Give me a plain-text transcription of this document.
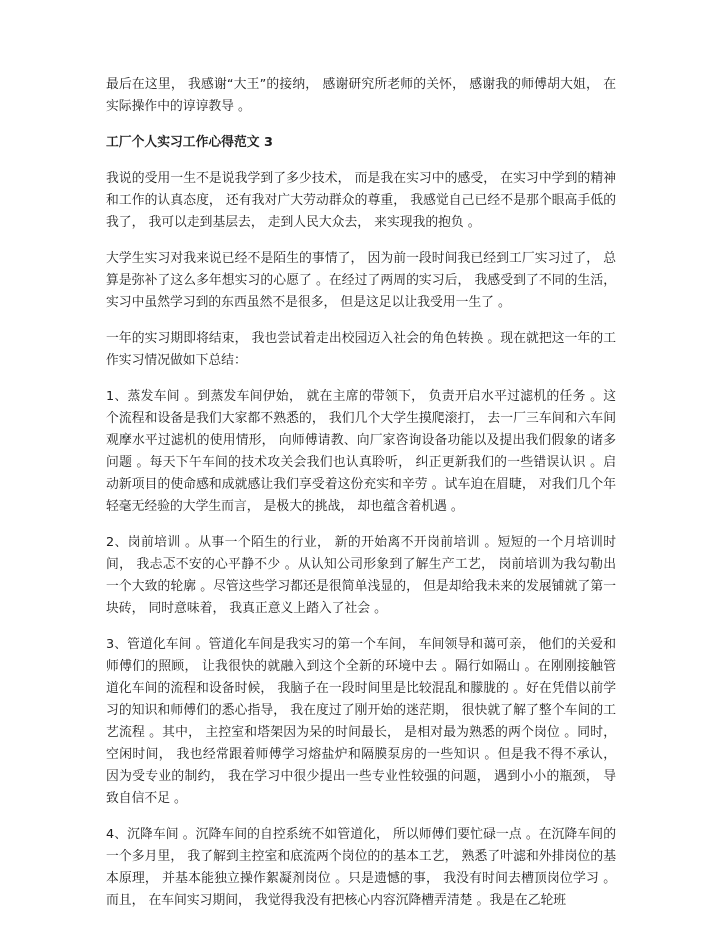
最后在这里， 我感谢“大王”的接纳， 感谢研究所老师的关怀， 感谢我的师傅胡大姐， 在实际操作中的谆谆教导 。

工厂个人实习工作心得范文 3

我说的受用一生不是说我学到了多少技术， 而是我在实习中的感受， 在实习中学到的精神和工作的认真态度， 还有我对广大劳动群众的尊重， 我感觉自己已经不是那个眼高手低的我了， 我可以走到基层去， 走到人民大众去， 来实现我的抱负 。

大学生实习对我来说已经不是陌生的事情了， 因为前一段时间我已经到工厂实习过了， 总算是弥补了这么多年想实习的心愿了 。在经过了两周的实习后， 我感受到了不同的生活， 实习中虽然学习到的东西虽然不是很多， 但是这足以让我受用一生了 。

一年的实习期即将结束， 我也尝试着走出校园迈入社会的角色转换 。现在就把这一年的工作实习情况做如下总结：

1、蒸发车间 。到蒸发车间伊始， 就在主席的带领下， 负责开启水平过滤机的任务 。这个流程和设备是我们大家都不熟悉的， 我们几个大学生摸爬滚打， 去一厂三车间和六车间观摩水平过滤机的使用情形， 向师傅请教、向厂家咨询设备功能以及提出我们假象的诸多问题 。每天下午车间的技术攻关会我们也认真聆听， 纠正更新我们的一些错误认识 。启动新项目的使命感和成就感让我们享受着这份充实和辛劳 。试车迫在眉睫， 对我们几个年轻毫无经验的大学生而言， 是极大的挑战， 却也蕴含着机遇 。

2、岗前培训 。从事一个陌生的行业， 新的开始离不开岗前培训 。短短的一个月培训时间， 我忐忑不安的心平静不少 。从认知公司形象到了解生产工艺， 岗前培训为我勾勒出一个大致的轮廓 。尽管这些学习都还是很简单浅显的， 但是却给我未来的发展铺就了第一块砖， 同时意味着， 我真正意义上踏入了社会 。

3、管道化车间 。管道化车间是我实习的第一个车间， 车间领导和蔼可亲， 他们的关爱和师傅们的照顾， 让我很快的就融入到这个全新的环境中去 。隔行如隔山 。在刚刚接触管道化车间的流程和设备时候， 我脑子在一段时间里是比较混乱和朦胧的 。好在凭借以前学习的知识和师傅们的悉心指导， 我在度过了刚开始的迷茫期， 很快就了解了整个车间的工艺流程 。其中， 主控室和塔架因为呆的时间最长， 是相对最为熟悉的两个岗位 。同时， 空闲时间， 我也经常跟着师傅学习熔盐炉和隔膜泵房的一些知识 。但是我不得不承认， 因为受专业的制约， 我在学习中很少提出一些专业性较强的问题， 遇到小小的瓶颈， 导致自信不足 。

4、沉降车间 。沉降车间的自控系统不如管道化， 所以师傅们要忙碌一点 。在沉降车间的一个多月里， 我了解到主控室和底流两个岗位的的基本工艺， 熟悉了叶滤和外排岗位的基本原理， 并基本能独立操作絮凝剂岗位 。只是遗憾的事， 我没有时间去槽顶岗位学习 。而且， 在车间实习期间， 我觉得我没有把核心内容沉降槽弄清楚 。我是在乙轮班
